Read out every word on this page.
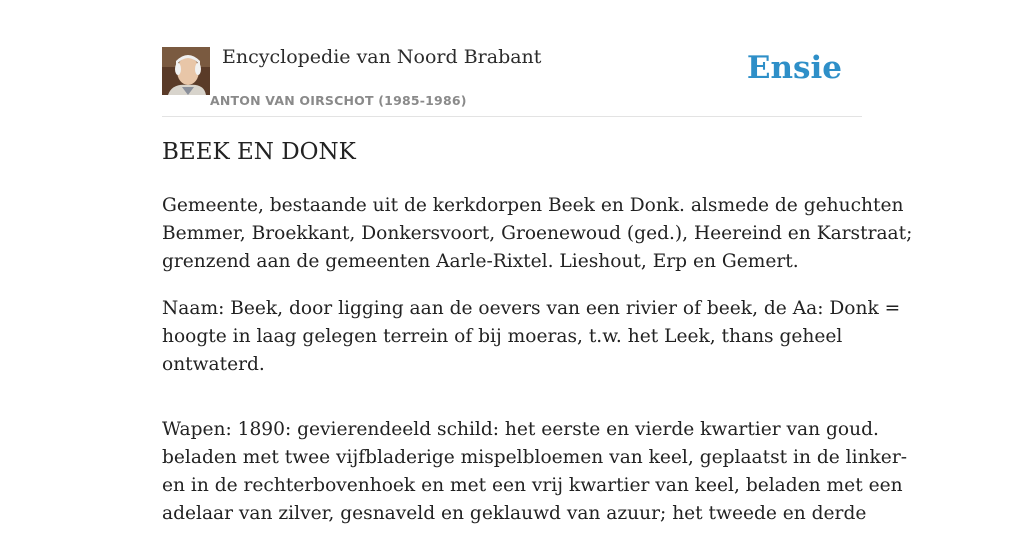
Encyclopedie van Noord Brabant
ANTON VAN OIRSCHOT (1985-1986)
Ensie
BEEK EN DONK

Gemeente, bestaande uit de kerkdorpen Beek en Donk. alsmede de gehuchten
Bemmer, Broekkant, Donkersvoort, Groenewoud (ged.), Heereind en Karstraat;
grenzend aan de gemeenten Aarle-Rixtel. Lieshout, Erp en Gemert.

Naam: Beek, door ligging aan de oevers van een rivier of beek, de Aa: Donk =
hoogte in laag gelegen terrein of bij moeras, t.w. het Leek, thans geheel
ontwaterd.

Wapen: 1890: gevierendeeld schild: het eerste en vierde kwartier van goud.
beladen met twee vijfbladerige mispelbloemen van keel, geplaatst in de linker-
en in de rechterbovenhoek en met een vrij kwartier van keel, beladen met een
adelaar van zilver, gesnaveld en geklauwd van azuur; het tweede en derde
